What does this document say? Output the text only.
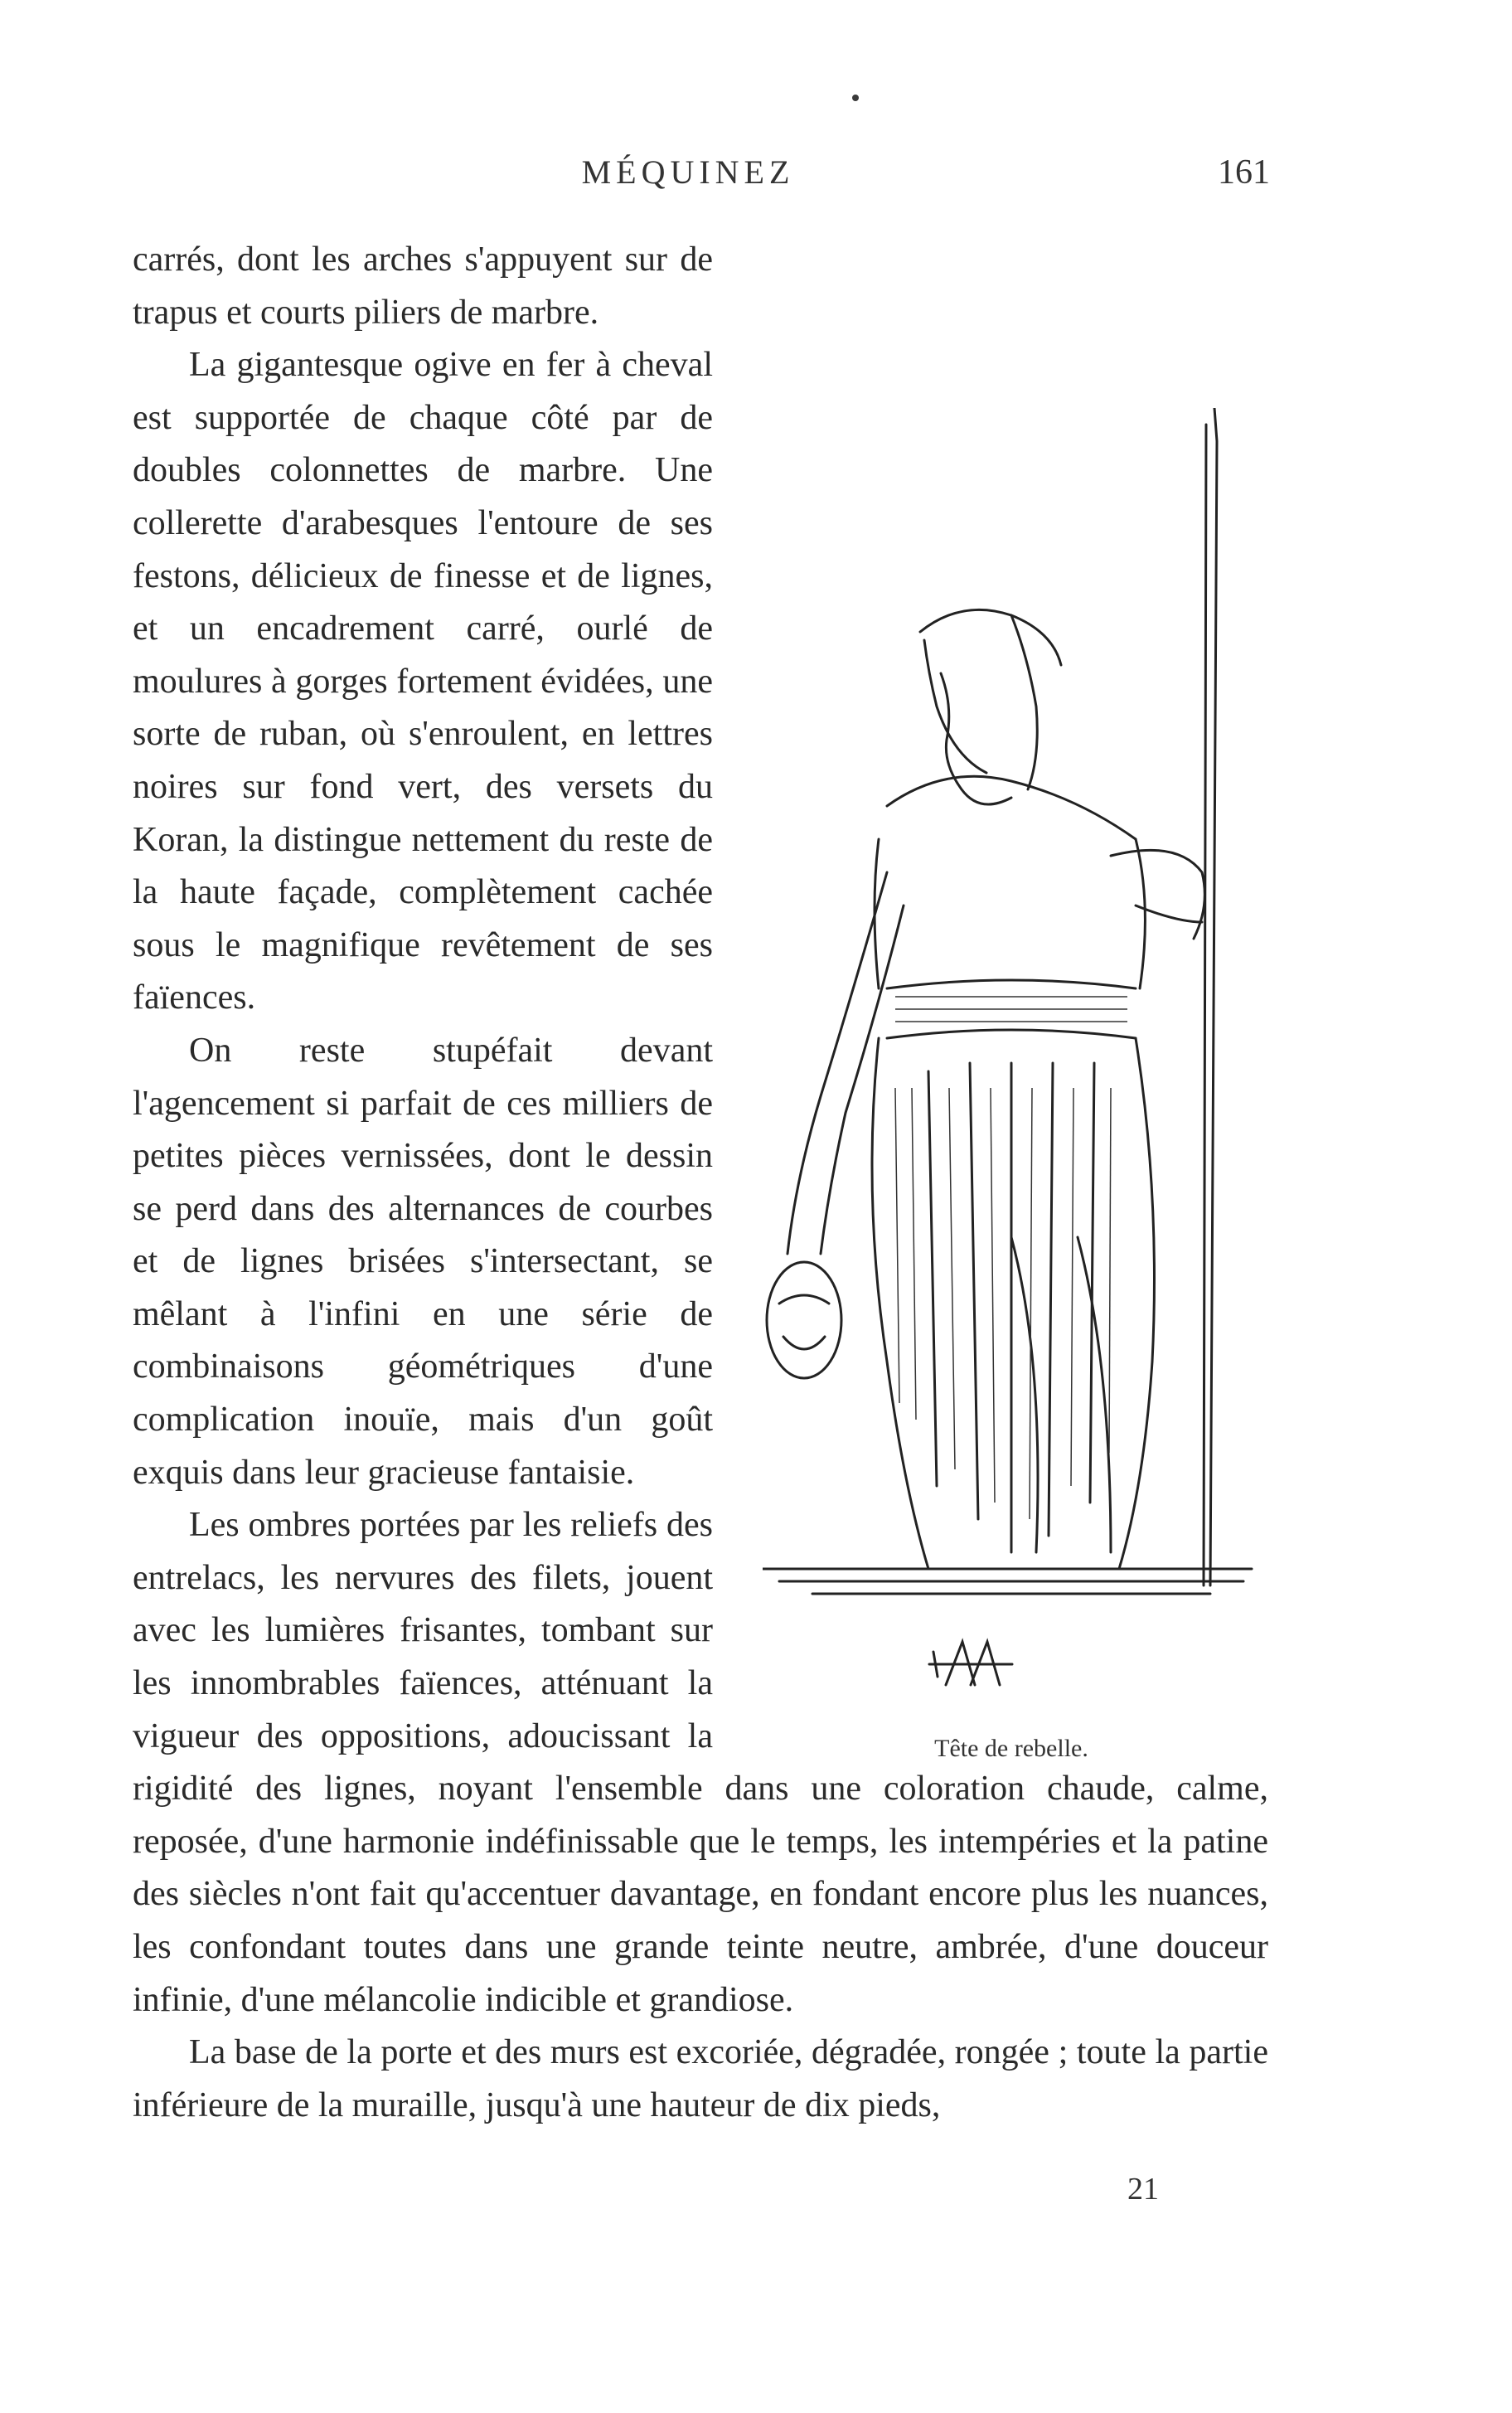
MÉQUINEZ	161
Tête de rebelle.

carrés, dont les arches s'appuyent sur de trapus et courts piliers de marbre.

La gigantesque ogive en fer à cheval est supportée de chaque côté par de doubles colonnettes de marbre. Une collerette d'arabesques l'entoure de ses festons, délicieux de finesse et de lignes, et un encadrement carré, ourlé de moulures à gorges fortement évidées, une sorte de ruban, où s'enroulent, en lettres noires sur fond vert, des versets du Koran, la distingue nettement du reste de la haute façade, complètement cachée sous le magnifique revêtement de ses faïences.

On reste stupéfait devant l'agencement si parfait de ces milliers de petites pièces vernissées, dont le dessin se perd dans des alternances de courbes et de lignes brisées s'intersectant, se mêlant à l'infini en une série de combinaisons géométriques d'une complication inouïe, mais d'un goût exquis dans leur gracieuse fantaisie.

Les ombres portées par les reliefs des entrelacs, les nervures des filets, jouent avec les lumières frisantes, tombant sur les innombrables faïences, atténuant la vigueur des oppositions, adoucissant la rigidité des lignes, noyant l'ensemble dans une coloration chaude, calme, reposée, d'une harmonie indéfinissable que le temps, les intempéries et la patine des siècles n'ont fait qu'accentuer davantage, en fondant encore plus les nuances, les confondant toutes dans une grande teinte neutre, ambrée, d'une douceur infinie, d'une mélancolie indicible et grandiose.

La base de la porte et des murs est excoriée, dégradée, rongée ; toute la partie inférieure de la muraille, jusqu'à une hauteur de dix pieds,

21
